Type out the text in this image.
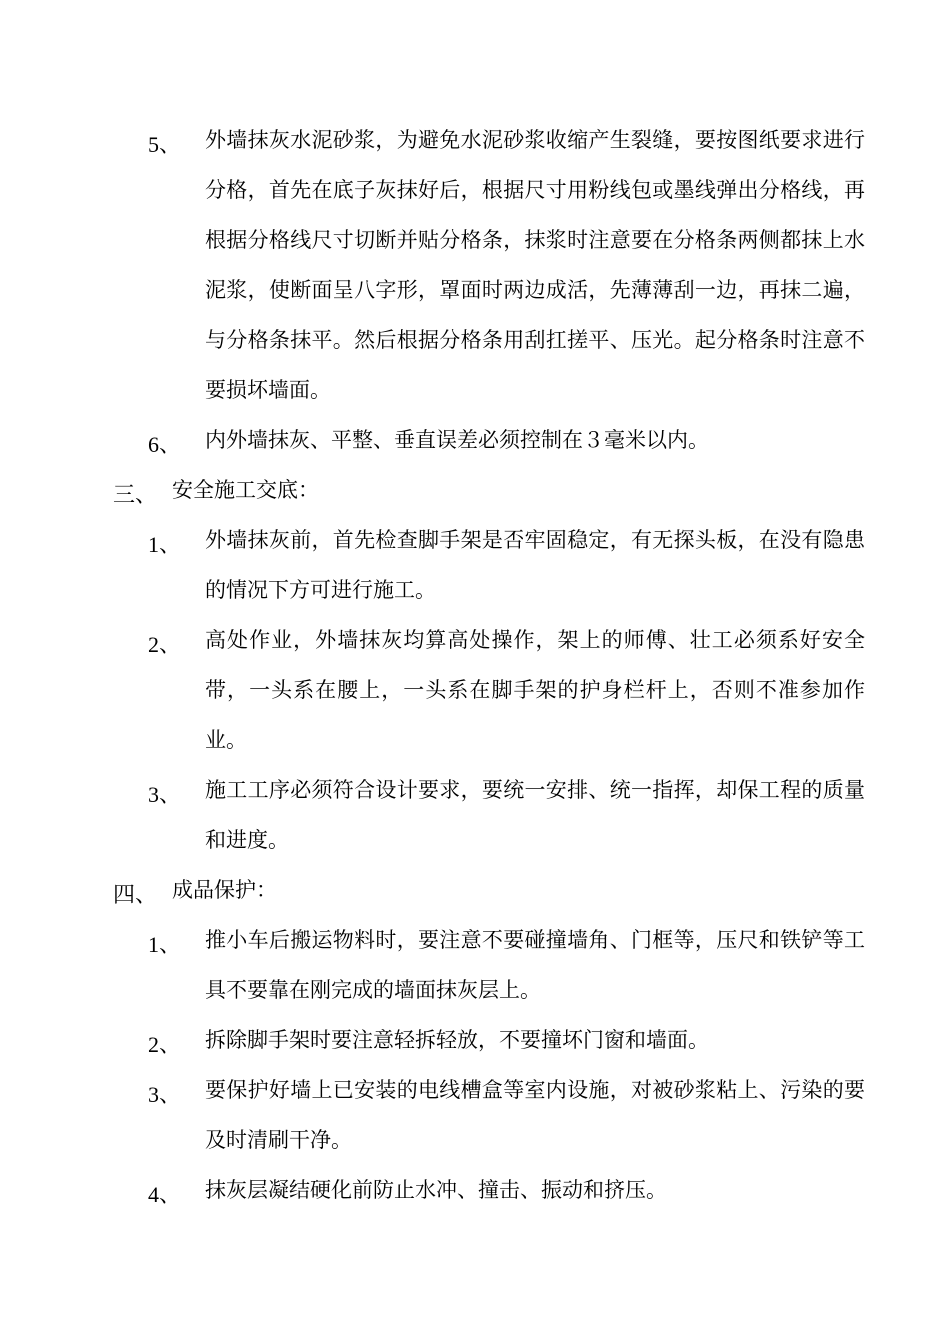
5、 外墙抹灰水泥砂浆，为避免水泥砂浆收缩产生裂缝，要按图纸要求进行分格，首先在底子灰抹好后，根据尺寸用粉线包或墨线弹出分格线，再根据分格线尺寸切断并贴分格条，抹浆时注意要在分格条两侧都抹上水泥浆，使断面呈八字形，罩面时两边成活，先薄薄刮一边，再抹二遍，与分格条抹平。然后根据分格条用刮扛搓平、压光。起分格条时注意不要损坏墙面。
6、 内外墙抹灰、平整、垂直误差必须控制在３毫米以内。
三、 安全施工交底：
1、 外墙抹灰前，首先检查脚手架是否牢固稳定，有无探头板，在没有隐患的情况下方可进行施工。
2、 高处作业，外墙抹灰均算高处操作，架上的师傅、壮工必须系好安全带，一头系在腰上，一头系在脚手架的护身栏杆上，否则不准参加作业。
3、 施工工序必须符合设计要求，要统一安排、统一指挥，却保工程的质量和进度。
四、 成品保护：
1、 推小车后搬运物料时，要注意不要碰撞墙角、门框等，压尺和铁铲等工具不要靠在刚完成的墙面抹灰层上。
2、 拆除脚手架时要注意轻拆轻放，不要撞坏门窗和墙面。
3、 要保护好墙上已安装的电线槽盒等室内设施，对被砂浆粘上、污染的要及时清刷干净。
4、 抹灰层凝结硬化前防止水冲、撞击、振动和挤压。
